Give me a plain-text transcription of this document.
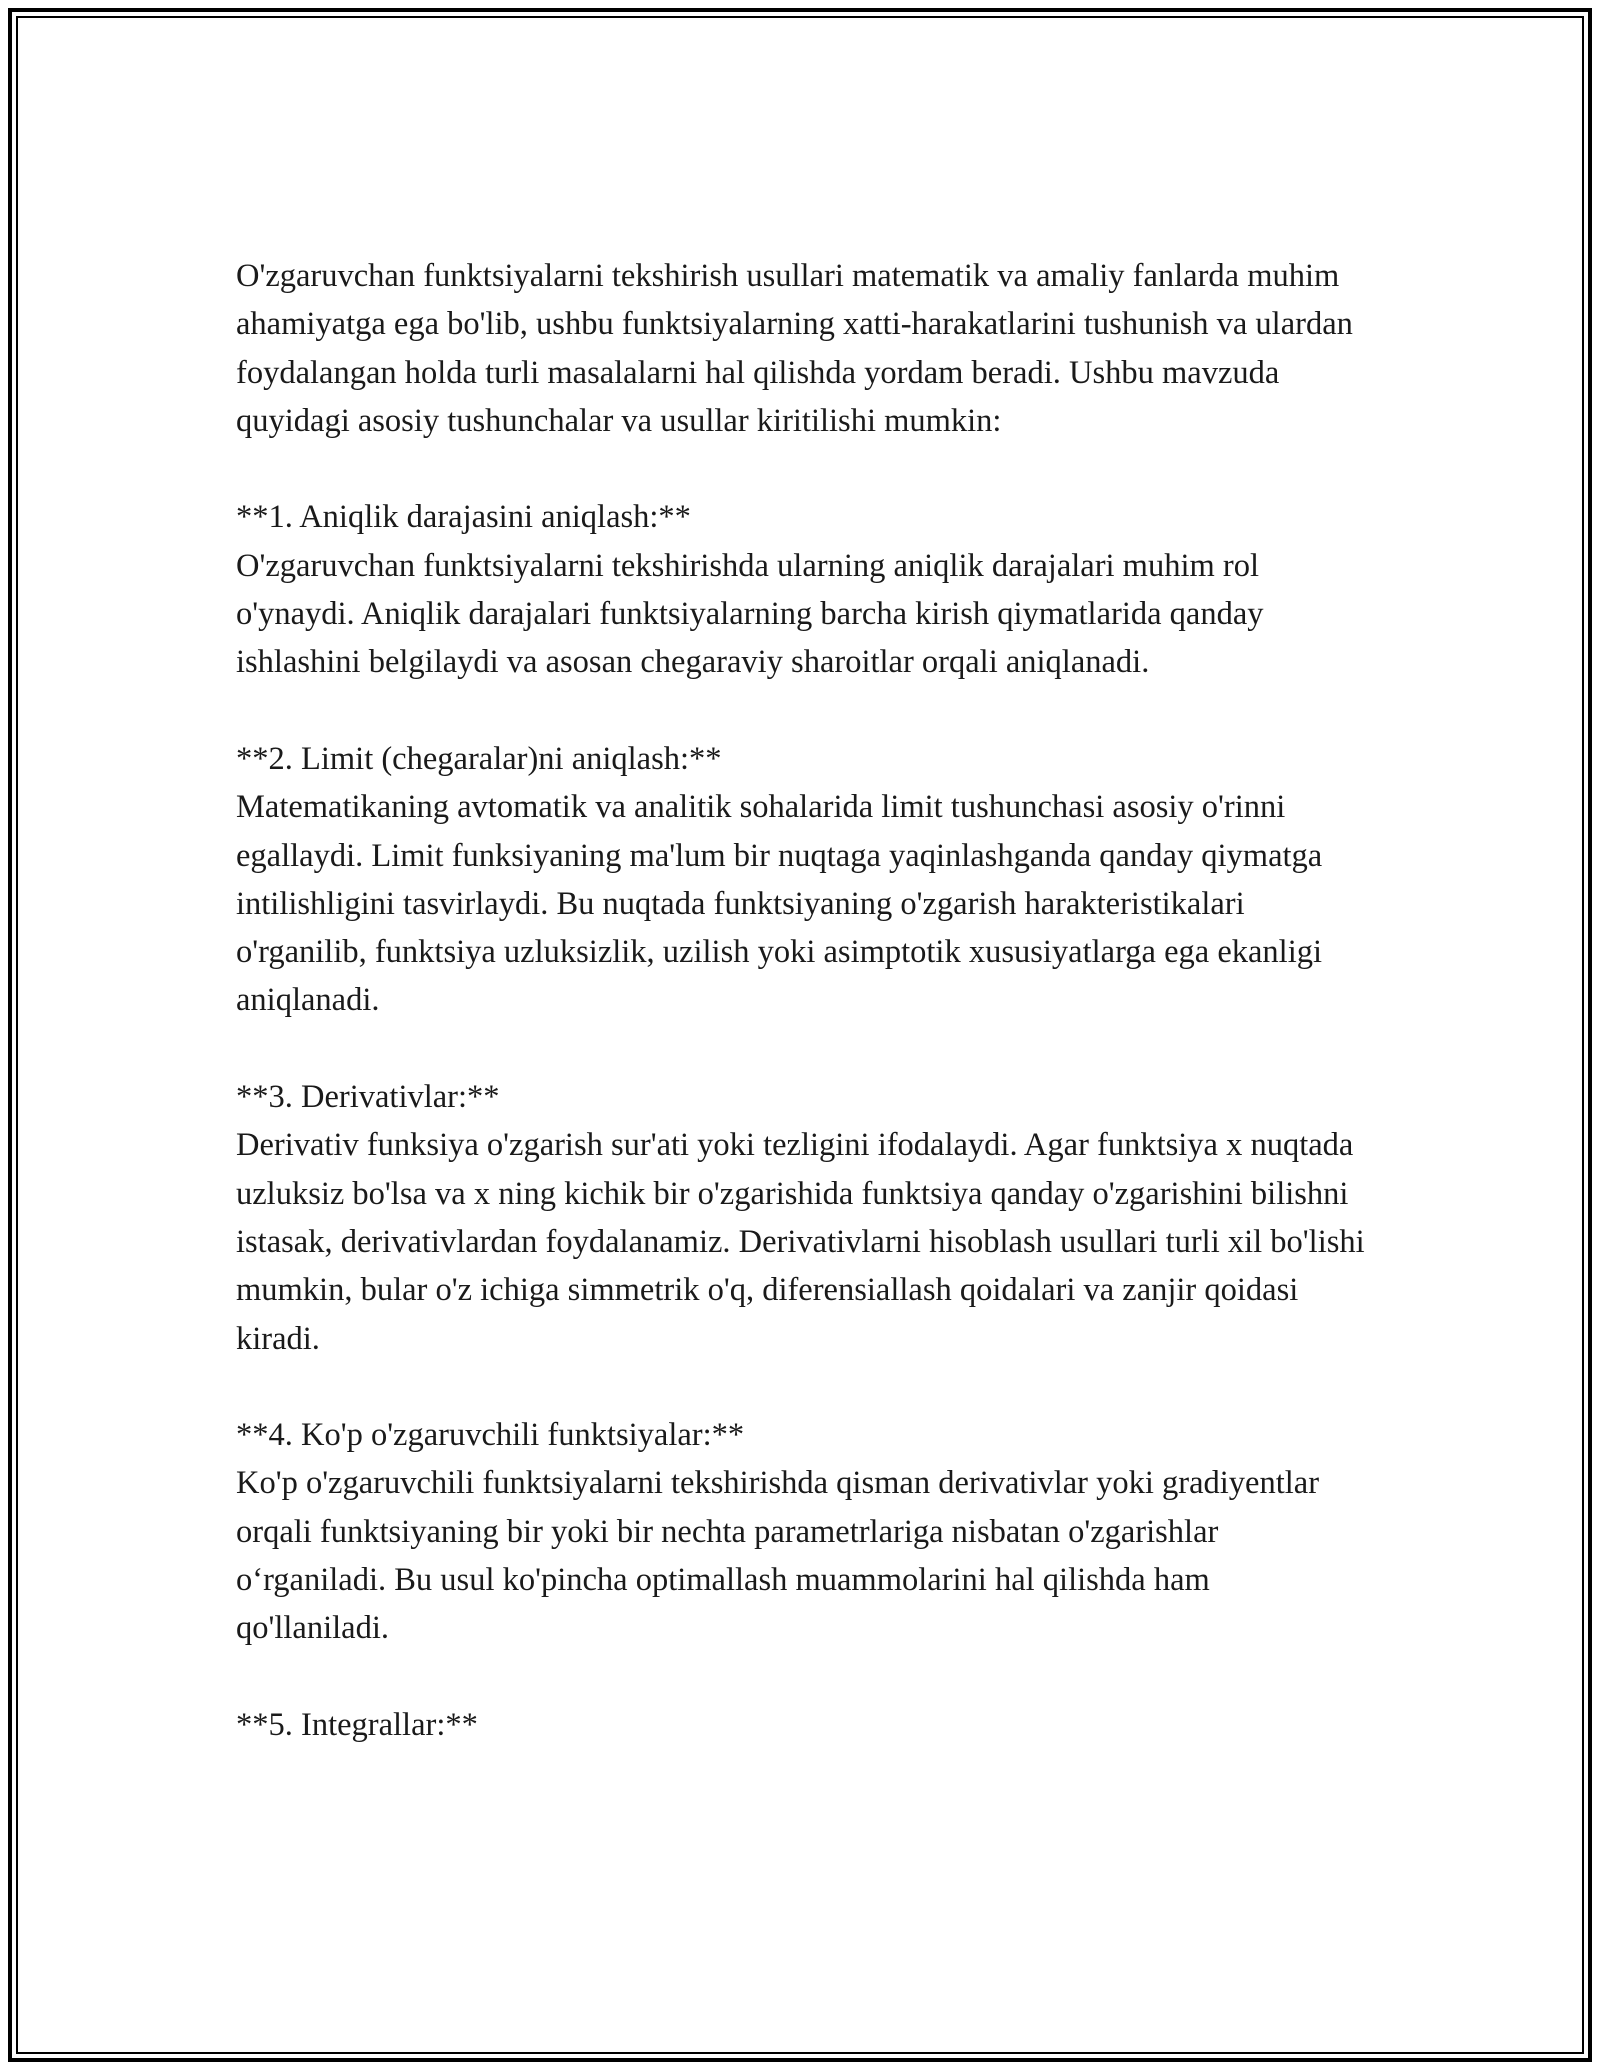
O'zgaruvchan funktsiyalarni tekshirish usullari matematik va amaliy fanlarda muhim ahamiyatga ega bo'lib, ushbu funktsiyalarning xatti-harakatlarini tushunish va ulardan foydalangan holda turli masalalarni hal qilishda yordam beradi. Ushbu mavzuda quyidagi asosiy tushunchalar va usullar kiritilishi mumkin:

**1. Aniqlik darajasini aniqlash:**

O'zgaruvchan funktsiyalarni tekshirishda ularning aniqlik darajalari muhim rol o'ynaydi. Aniqlik darajalari funktsiyalarning barcha kirish qiymatlarida qanday ishlashini belgilaydi va asosan chegaraviy sharoitlar orqali aniqlanadi.

**2. Limit (chegaralar)ni aniqlash:**

Matematikaning avtomatik va analitik sohalarida limit tushunchasi asosiy o'rinni egallaydi. Limit funksiyaning ma'lum bir nuqtaga yaqinlashganda qanday qiymatga intilishligini tasvirlaydi. Bu nuqtada funktsiyaning o'zgarish harakteristikalari o'rganilib, funktsiya uzluksizlik, uzilish yoki asimptotik xususiyatlarga ega ekanligi aniqlanadi.

**3. Derivativlar:**

Derivativ funksiya o'zgarish sur'ati yoki tezligini ifodalaydi. Agar funktsiya x nuqtada uzluksiz bo'lsa va x ning kichik bir o'zgarishida funktsiya qanday o'zgarishini bilishni istasak, derivativlardan foydalanamiz. Derivativlarni hisoblash usullari turli xil bo'lishi mumkin, bular o'z ichiga simmetrik o'q, diferensiallash qoidalari va zanjir qoidasi kiradi.

**4. Ko'p o'zgaruvchili funktsiyalar:**

Ko'p o'zgaruvchili funktsiyalarni tekshirishda qisman derivativlar yoki gradiyentlar orqali funktsiyaning bir yoki bir nechta parametrlariga nisbatan o'zgarishlar o‘rganiladi. Bu usul ko'pincha optimallash muammolarini hal qilishda ham qo'llaniladi.

**5. Integrallar:**
